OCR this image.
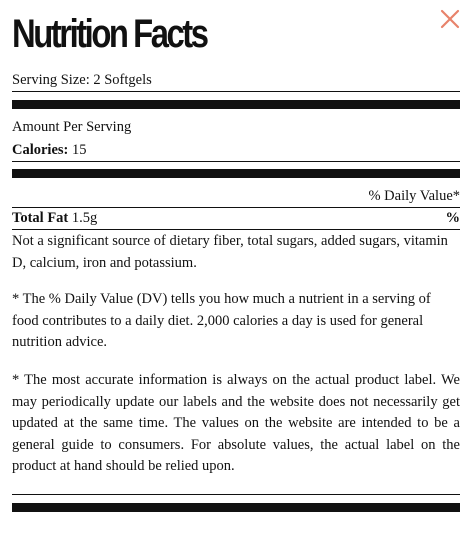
Nutrition Facts
Serving Size: 2 Softgels
Amount Per Serving
Calories: 15
% Daily Value*
Total Fat 1.5g	%
Not a significant source of dietary fiber, total sugars, added sugars, vitamin D, calcium, iron and potassium.
* The % Daily Value (DV) tells you how much a nutrient in a serving of food contributes to a daily diet. 2,000 calories a day is used for general nutrition advice.
* The most accurate information is always on the actual product label. We may periodically update our labels and the website does not necessarily get updated at the same time. The values on the website are intended to be a general guide to consumers. For absolute values, the actual label on the product at hand should be relied upon.
